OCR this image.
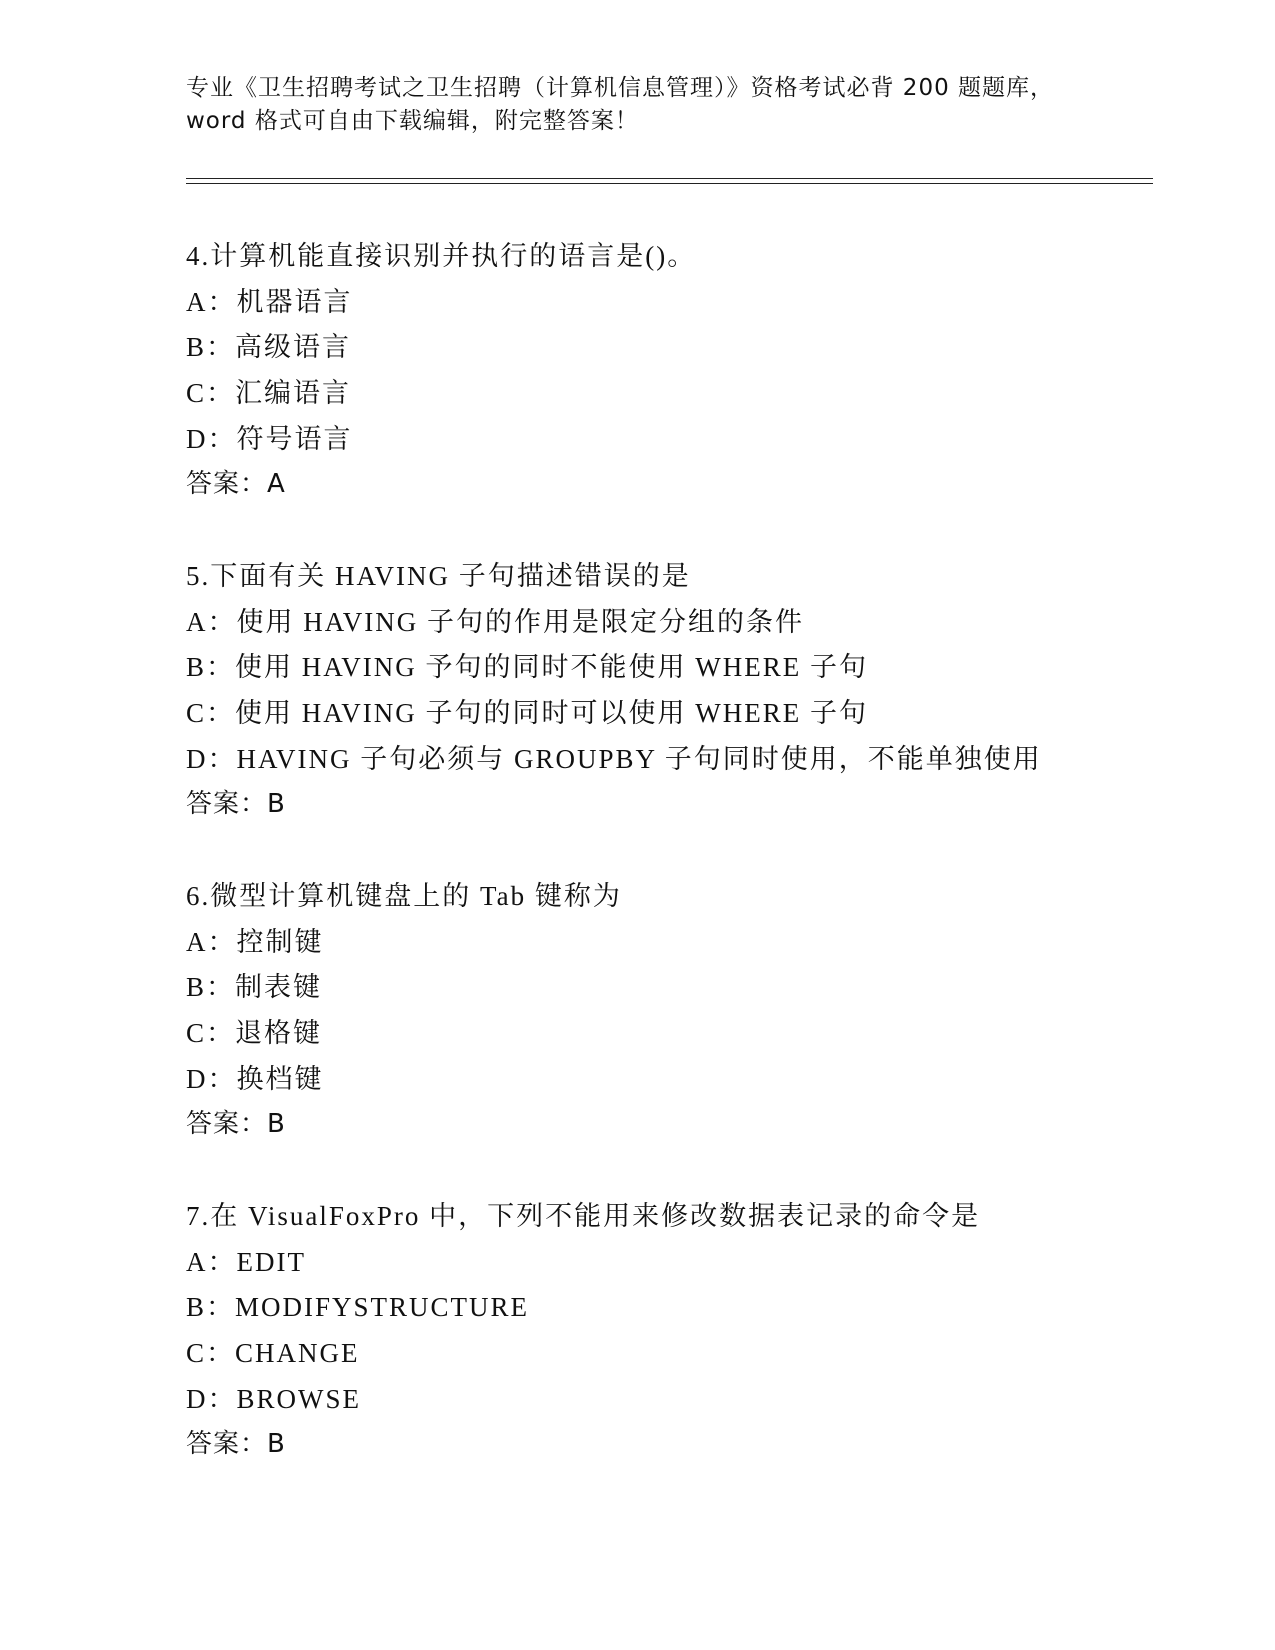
专业《卫生招聘考试之卫生招聘（计算机信息管理）》资格考试必背 200 题题库，
word 格式可自由下载编辑，附完整答案！
4.计算机能直接识别并执行的语言是()。
A：机器语言
B：高级语言
C：汇编语言
D：符号语言
答案：A
5.下面有关 HAVING 子句描述错误的是
A：使用 HAVING 子句的作用是限定分组的条件
B：使用 HAVING 予句的同时不能使用 WHERE 子句
C：使用 HAVING 子句的同时可以使用 WHERE 子句
D：HAVING 子句必须与 GROUPBY 子句同时使用，不能单独使用
答案：B
6.微型计算机键盘上的 Tab 键称为
A：控制键
B：制表键
C：退格键
D：换档键
答案：B
7.在 VisualFoxPro 中，下列不能用来修改数据表记录的命令是
A：EDIT
B：MODIFYSTRUCTURE
C：CHANGE
D：BROWSE
答案：B
